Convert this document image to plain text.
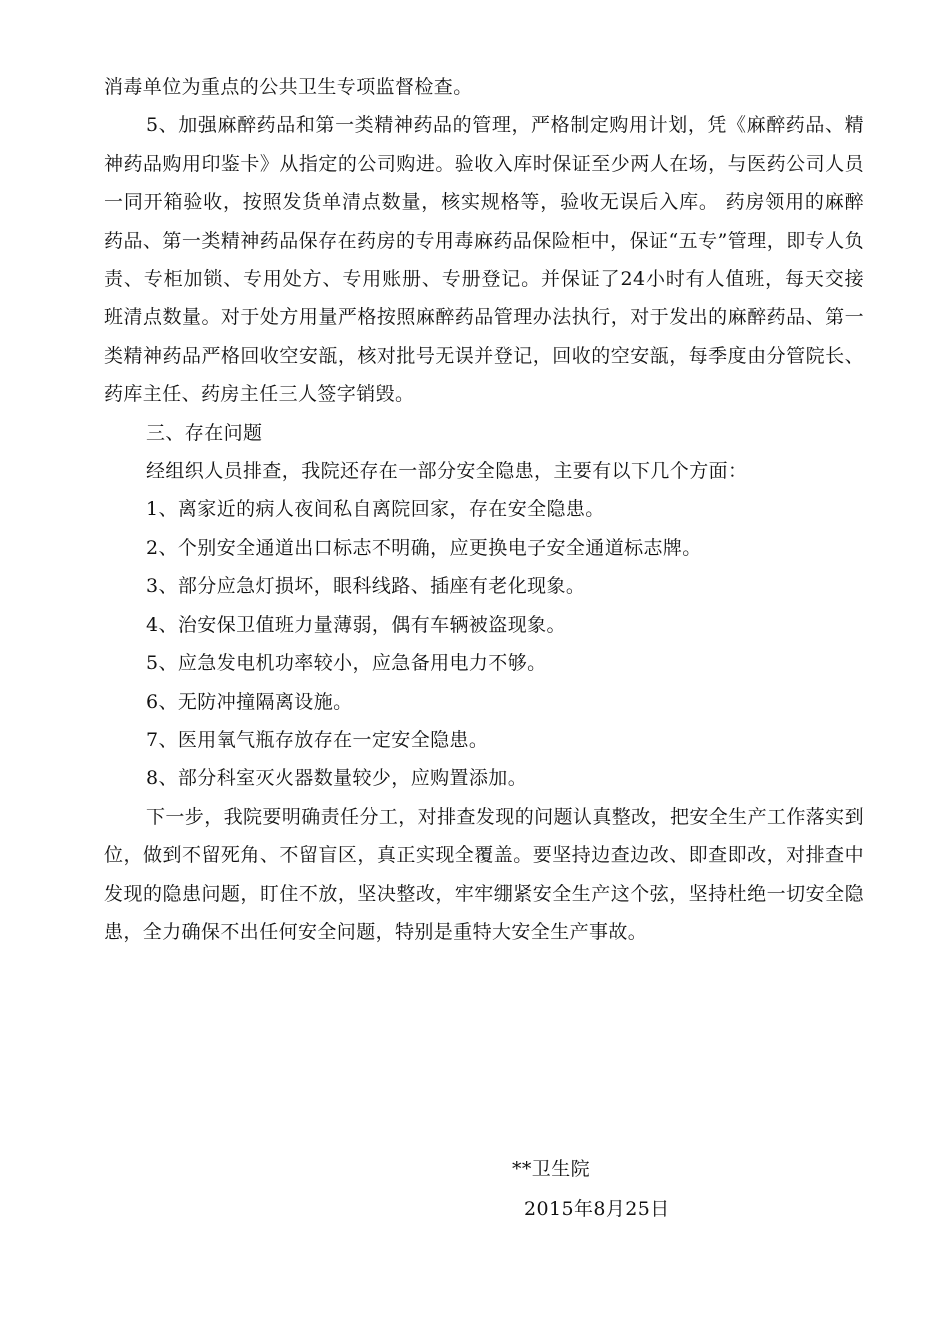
消毒单位为重点的公共卫生专项监督检查。

5、加强麻醉药品和第一类精神药品的管理，严格制定购用计划，凭《麻醉药品、精神药品购用印鉴卡》从指定的公司购进。验收入库时保证至少两人在场，与医药公司人员一同开箱验收，按照发货单清点数量，核实规格等，验收无误后入库。 药房领用的麻醉药品、第一类精神药品保存在药房的专用毒麻药品保险柜中，保证“五专”管理，即专人负责、专柜加锁、专用处方、专用账册、专册登记。并保证了24小时有人值班，每天交接班清点数量。对于处方用量严格按照麻醉药品管理办法执行，对于发出的麻醉药品、第一类精神药品严格回收空安瓿，核对批号无误并登记，回收的空安瓿，每季度由分管院长、药库主任、药房主任三人签字销毁。

三、存在问题

经组织人员排查，我院还存在一部分安全隐患，主要有以下几个方面：

1、离家近的病人夜间私自离院回家，存在安全隐患。

2、个别安全通道出口标志不明确，应更换电子安全通道标志牌。

3、部分应急灯损坏，眼科线路、插座有老化现象。

4、治安保卫值班力量薄弱，偶有车辆被盗现象。

5、应急发电机功率较小，应急备用电力不够。

6、无防冲撞隔离设施。

7、医用氧气瓶存放存在一定安全隐患。

8、部分科室灭火器数量较少，应购置添加。

下一步，我院要明确责任分工，对排查发现的问题认真整改，把安全生产工作落实到位，做到不留死角、不留盲区，真正实现全覆盖。要坚持边查边改、即查即改，对排查中发现的隐患问题，盯住不放，坚决整改，牢牢绷紧安全生产这个弦，坚持杜绝一切安全隐患，全力确保不出任何安全问题，特别是重特大安全生产事故。

**卫生院
2015年8月25日
